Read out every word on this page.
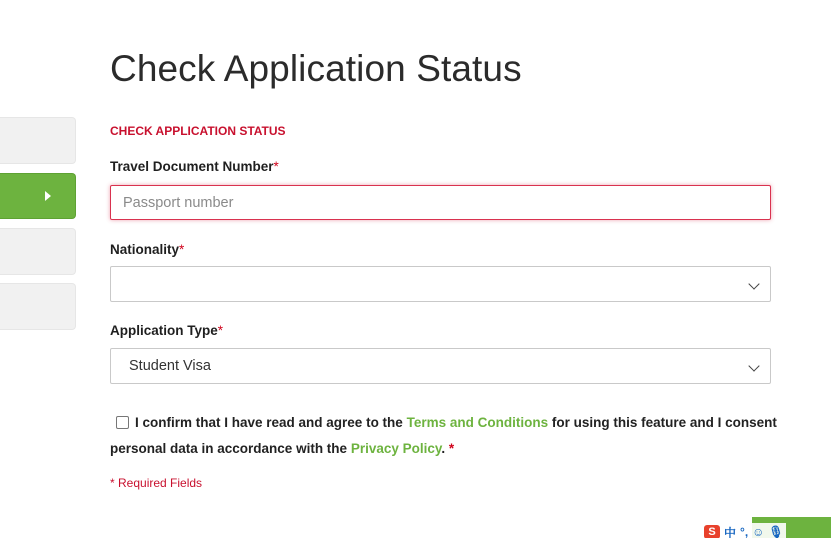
Check Application Status
CHECK APPLICATION STATUS
Travel Document Number*
Passport number
Nationality*
Application Type*
Student Visa
I confirm that I have read and agree to the Terms and Conditions for using this feature and I consent
personal data in accordance with the Privacy Policy. *
* Required Fields
S 中 °, ☺ 🎙
